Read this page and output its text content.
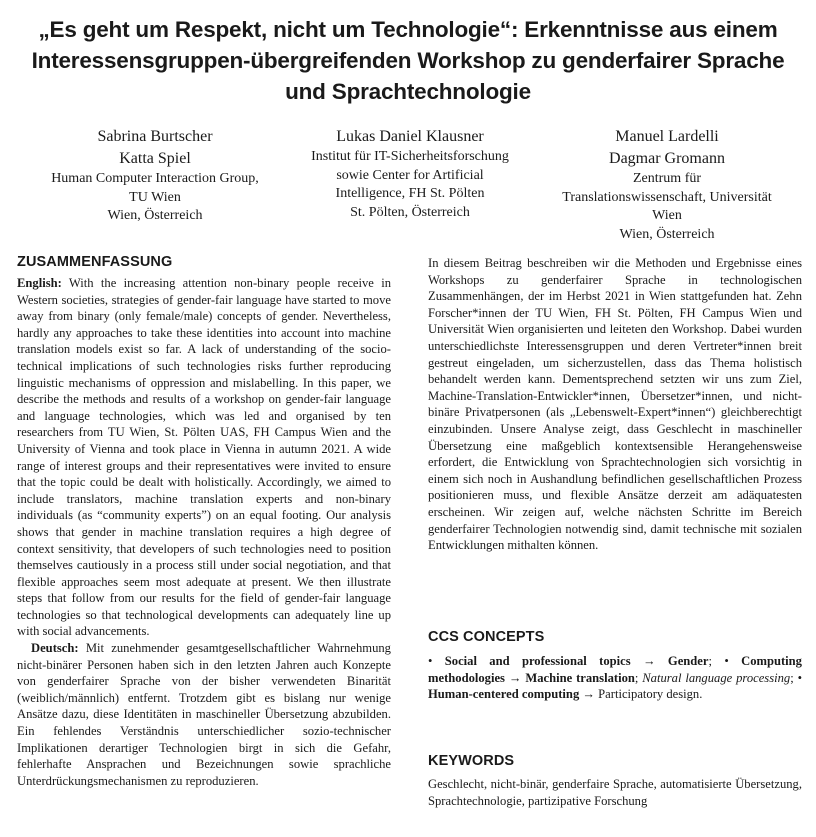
„Es geht um Respekt, nicht um Technologie“: Erkenntnisse aus einem Interessensgruppen-übergreifenden Workshop zu genderfairer Sprache und Sprachtechnologie
Sabrina Burtscher
Katta Spiel
Human Computer Interaction Group,
TU Wien
Wien, Österreich
Lukas Daniel Klausner
Institut für IT-Sicherheitsforschung
sowie Center for Artificial
Intelligence, FH St. Pölten
St. Pölten, Österreich
Manuel Lardelli
Dagmar Gromann
Zentrum für
Translationswissenschaft, Universität
Wien
Wien, Österreich
ZUSAMMENFASSUNG

English: With the increasing attention non-binary people receive in Western societies, strategies of gender-fair language have started to move away from binary (only female/male) concepts of gender. Nevertheless, hardly any approaches to take these identities into account into machine translation models exist so far. A lack of understanding of the socio-technical implications of such technologies risks further reproducing linguistic mechanisms of oppression and mislabelling. In this paper, we describe the methods and results of a workshop on gender-fair language and language technologies, which was led and organised by ten researchers from TU Wien, St. Pölten UAS, FH Campus Wien and the University of Vienna and took place in Vienna in autumn 2021. A wide range of interest groups and their representatives were invited to ensure that the topic could be dealt with holistically. Accordingly, we aimed to include translators, machine translation experts and non-binary individuals (as “community experts”) on an equal footing. Our analysis shows that gender in machine translation requires a high degree of context sensitivity, that developers of such technologies need to position themselves cautiously in a process still under social negotiation, and that flexible approaches seem most adequate at present. We then illustrate steps that follow from our results for the field of gender-fair language technologies so that technological developments can adequately line up with social advancements.

Deutsch: Mit zunehmender gesamtgesellschaftlicher Wahrnehmung nicht-binärer Personen haben sich in den letzten Jahren auch Konzepte von genderfairer Sprache von der bisher verwendeten Binarität (weiblich/männlich) entfernt. Trotzdem gibt es bislang nur wenige Ansätze dazu, diese Identitäten in maschineller Übersetzung abzubilden. Ein fehlendes Verständnis unterschiedlicher sozio-technischer Implikationen derartiger Technologien birgt in sich die Gefahr, fehlerhafte Ansprachen und Bezeichnungen sowie sprachliche Unterdrückungsmechanismen zu reproduzieren.

In diesem Beitrag beschreiben wir die Methoden und Ergebnisse eines Workshops zu genderfairer Sprache in technologischen Zusammenhängen, der im Herbst 2021 in Wien stattgefunden hat. Zehn Forscher*innen der TU Wien, FH St. Pölten, FH Campus Wien und Universität Wien organisierten und leiteten den Workshop. Dabei wurden unterschiedlichste Interessensgruppen und deren Vertreter*innen breit gestreut eingeladen, um sicherzustellen, dass das Thema holistisch behandelt werden kann. Dementsprechend setzten wir uns zum Ziel, Machine-Translation-Entwickler*innen, Übersetzer*innen, und nicht-binäre Privatpersonen (als „Lebenswelt-Expert*innen“) gleichberechtigt einzubinden. Unsere Analyse zeigt, dass Geschlecht in maschineller Übersetzung eine maßgeblich kontextsensible Herangehensweise erfordert, die Entwicklung von Sprachtechnologien sich vorsichtig in einem sich noch in Aushandlung befindlichen gesellschaftlichen Prozess positionieren muss, und flexible Ansätze derzeit am adäquatesten erscheinen. Wir zeigen auf, welche nächsten Schritte im Bereich genderfairer Technologien notwendig sind, damit technische mit sozialen Entwicklungen mithalten können.

CCS CONCEPTS

• Social and professional topics → Gender; • Computing methodologies → Machine translation; Natural language processing; • Human-centered computing → Participatory design.

KEYWORDS

Geschlecht, nicht-binär, genderfaire Sprache, automatisierte Übersetzung, Sprachtechnologie, partizipative Forschung
